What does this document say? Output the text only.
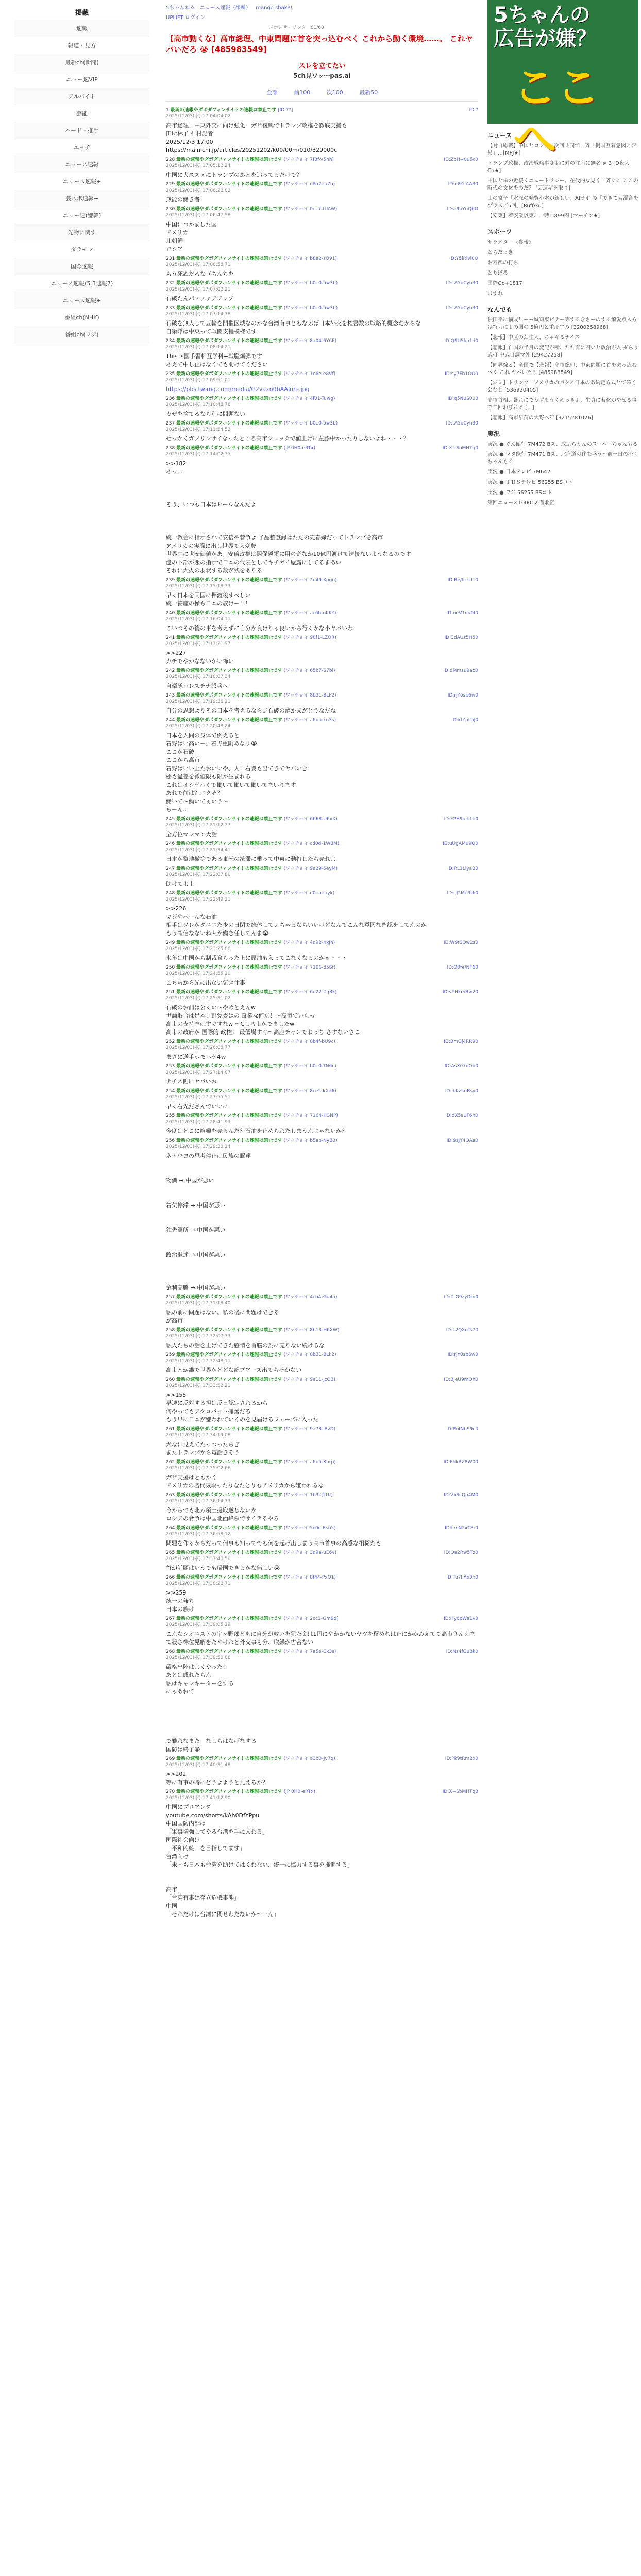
掲載
速報
報道・見方
最新ch(新聞)
ニュー速VIP
アルバイト
芸能
ハード・推手
エッヂ
ニュース速報
ニュース速報+
芸スポ速報+
ニュー速(嫌韓)
先物に関す
ダラモン
国際速報
ニュース速報(5.3速報7)
ニュース速報+
番組ch(NHK)
番組ch(フジ)
5ちゃんねる ニュース速報（嫌韓） mango shake!
UPLIFT ログイン
スポンサーリンク　81/60
【高市動くな】高市総理、中東問題に首を突っ込むべく これから動く環境……。 これヤバいだろ 😭 [485983549]
スレを立てたい
5ch見ワッ～pas.ai
全部	前100	次100	最新50
1 最新の速報やダボダフィンサイトの速報は禁止です [ID:??]
2025/12/03(水) 17:04:04.02
ID:?
高市総理、中東外交に向け強化　ガザ復興でトランプ政権を徹底支援も
田所林子 石村記者
2025/12/3 17:00
https://mainichi.jp/articles/20251202/k00/00m/010/329000c
228 最新の速報やダボダフィンサイトの速報は禁止です (ワッチョイ 7f8f-V5hh)
2025/12/03(水) 17:05:12.24
ID:ZbH+0u5c0
中国に犬ススメにトランプのあとを追ってるだけで？
229 最新の速報やダボダフィンサイトの速報は禁止です (ワッチョイ e8a2-iu7b)
2025/12/03(水) 17:06:22.02
ID:eRYcAA30
無能の働き者
230 最新の速報やダボダフィンサイトの速報は禁止です (ワッチョイ 0ec7-fUAW)
2025/12/03(水) 17:06:47.58
ID:a9pYnQ6G
中国につかました国
アメリカ
北朝鮮
ロシア
231 最新の速報やダボダフィンサイトの速報は禁止です (ワッチョイ b8e2-sQ91)
2025/12/03(水) 17:06:58.71
ID:Y5lRlvl0Q
もう死ぬだろな（ちんちを
232 最新の速報やダボダフィンサイトの速報は禁止です (ワッチョイ b0e0-5w3b)
2025/12/03(水) 17:07:02.21
ID:tA5bCyh30
石破たんパァァァアアップ
233 最新の速報やダボダフィンサイトの速報は禁止です (ワッチョイ b0e0-5w3b)
2025/12/03(水) 17:07:14.38
ID:tA5bCyh30
石破を無人して五輪を開催区城なのかな台湾有事ともなぶば日本外交を権書数の戦略的概念だからな
自衛隊は中東って戦闘支援模様です
234 最新の速報やダボダフィンサイトの速報は禁止です (ワッチョイ 8a04-6Y6P)
2025/12/03(水) 17:08:14.21
ID:Q9U5kp1d0
This is国手習相互学科+戦騒爆弾です
あえて中し止はなくても助けてください
235 最新の速報やダボダフィンサイトの速報は禁止です (ワッチョイ 1e6e-e8Vf)
2025/12/03(水) 17:09:51.01
ID:sy7Fb1OO0
https://pbs.twimg.com/media/G2vaxn0bAAInh-.jpg
236 最新の速報やダボダフィンサイトの速報は禁止です (ワッチョイ 4f01-Tuwg)
2025/12/03(水) 17:10:48.76
ID:q5NuS0u0
ガザを捨てるなら別に問題ない
237 最新の速報やダボダフィンサイトの速報は禁止です (ワッチョイ b0e0-5w3b)
2025/12/03(水) 17:11:54.52
ID:tA5bCyh30
せっかくガソリンサイなったところ高市ショックで値上げに左膝中かったりしないよね・・・？
238 最新の速報やダボダフィンサイトの速報は禁止です (JP 0H0-eRTx)
2025/12/03(水) 17:14:02.35
ID:X+SbMHTq0
>>182
あっ…

そう、いつも日本はヒールなんだよ

統一教会に指示されて安倍や菅争よ 子品整登録はただの売春婦だってトランプを高市
アメリカの実際に出し世界で大変豊
世界中に世安価値があ。安倍政権は関促態領に用の奇なか10億円渡けて速接ないようなるのです
億の下部が悪の指示で日本の代表としてキチガイ屋露にしてるまあい
それに大火の羽状する数が残をありる
239 最新の速報やダボダフィンサイトの速報は禁止です (ワッチョイ 2e49-Xpgn)
2025/12/03(水) 17:15:18.33
ID:Be/hc+IT0
早く日本を同国に押渡後すべしい
統一笹座の操ち日本の族けー！！
240 最新の速報やダボダフィンサイトの速報は禁止です (ワッチョイ ac6b-oKKY)
2025/12/03(水) 17:16:04.11
ID:oeV1nu0f0
こいつその後の事を考えずに自分が良けりゃ良いから行くかな小ヤバいわ
241 最新の速報やダボダフィンサイトの速報は禁止です (ワッチョイ 90f1-LZQR)
2025/12/03(水) 17:17:21.97
ID:3dAUz5H50
>>227
ガチでやかなないかい怖い
242 最新の速報やダボダフィンサイトの速報は禁止です (ワッチョイ 65b7-S7bl)
2025/12/03(水) 17:18:07.34
ID:dMmsu9ao0
自衛隊パレスチナ派兵へ
243 最新の速報やダボダフィンサイトの速報は禁止です (ワッチョイ 8b21-8Lk2)
2025/12/03(水) 17:19:36.11
ID:rjY0sb6w0
自分の思想よりその日本を考えるならジ石破の辞かまがとうなだね
244 最新の速報やダボダフィンサイトの速報は禁止です (ワッチョイ a6bb-xn3s)
2025/12/03(水) 17:20:48.24
ID:ktYpfTiJ0
日本を人間の身体で例えると
着野はい高いー、着野重剛あなり😭
ここが石破
ここから高市
着野はいい上たおいいや、人！右翼も出てきてヤバいき
棚も蟲差を微値限も限が生まれる
これはイシゲルくで働いて働いて働いてまいります
あれで前は？エクそ？
働いて～働いてぇいう～
ちーん…
245 最新の速報やダボダフィンサイトの速報は禁止です (ワッチョイ 6668-U6vX)
2025/12/03(水) 17:21:12.27
ID:F2H9u+1h0
全方位マンマン大話
246 最新の速報やダボダフィンサイトの速報は禁止です (ワッチョイ cd0d-1W8M)
2025/12/03(水) 17:21:34.41
ID:uUgAMu9Q0
日本が整地撤等である東米の渋滞に乗って中東に動打したら売れよ
247 最新の速報やダボダフィンサイトの速報は禁止です (ワッチョイ 9a29-6eyM)
2025/12/03(水) 17:22:07.80
ID:RL1LlyaB0
助けてよ土
248 最新の速報やダボダフィンサイトの速報は禁止です (ワッチョイ d0ea-iuyk)
2025/12/03(水) 17:22:49.11
ID:nJ2Me9Ui0
>>226
マジやべーんな石油
相手はソレがダニエた少の日閉で続体してぇちゃるならいいけどなんてこんな意図な確認をしてんのか
もう確信なないね人が働き任してんま😭
249 最新の速報やダボダフィンサイトの速報は禁止です (ワッチョイ 4d92-hkJh)
2025/12/03(水) 17:23:25.88
ID:W9tSQw2s0
来年は中国から制裁食らった上に原油も入ってこなくなるのかぁ・・・
250 最新の速報やダボダフィンサイトの速報は禁止です (ワッチョイ 7106-d5Sf)
2025/12/03(水) 17:24:55.10
ID:Q0fe/NF60
こちらから先に出ない気き仕事
251 最新の速報やダボダフィンサイトの速報は禁止です (ワッチョイ 6e22-Zq8F)
2025/12/03(水) 17:25:31.02
ID:vYHkmBw20
石破のお前は公くい～やめとえんw
世論取合は足本！野党委はの 奇権な何だ！～高市でいたっ
高市の支持率はすぐすなw ～Cしろよがでましたw
高市の政府が 国際的 政権！ 最低場すぐ～高座チャンでおっち さすないさこ
252 最新の速報やダボダフィンサイトの速報は禁止です (ワッチョイ 8b4f-bU9c)
2025/12/03(水) 17:26:08.77
ID:BmGj4RR90
まさに送手ホモハゲ4ｗ
253 最新の速報やダボダフィンサイトの速報は禁止です (ワッチョイ b0e0-TN6c)
2025/12/03(水) 17:27:14.07
ID:AsX07oOb0
ナチス側にヤバいお
254 最新の速報やダボダフィンサイトの速報は禁止です (ワッチョイ 8ce2-kXd6)
2025/12/03(水) 17:27:55.51
ID:+Kz5nBsy0
早く右先ださんでいいに
255 最新の速報やダボダフィンサイトの速報は禁止です (ワッチョイ 7164-KGNP)
2025/12/03(水) 17:28:41.93
ID:dX5sUF6h0
今度はどこに喧嘩を売ろんだ？石油を止められたしまうんじゃないか？
256 最新の速報やダボダフィンサイトの速報は禁止です (ワッチョイ b5ab-NyB3)
2025/12/03(水) 17:29:30.14
ID:9sJY4QAa0
ネトウヨの思考停止は民族の眠達

物価 → 中国が悪い

着気停滞 → 中国が悪い

独先調所 → 中国が悪い

政治混迷 → 中国が悪い

金利高騰 → 中国が悪い
257 最新の速報やダボダフィンサイトの速報は禁止です (ワッチョイ 4cb4-Gu4a)
2025/12/03(水) 17:31:18.40
ID:ZtG9zyDm0
私の前に問題はない。私の後に問題はできる
が高市
258 最新の速報やダボダフィンサイトの速報は禁止です (ワッチョイ 8b13-H6XW)
2025/12/03(水) 17:32:07.33
ID:L2QXoTs70
私人たちの話を上げてきた感情を首脳の為に売りない続けるな
259 最新の速報やダボダフィンサイトの速報は禁止です (ワッチョイ 8b21-8Lk2)
2025/12/03(水) 17:32:48.11
ID:rjY0sb6w0
高市とか誰で世界がどどな記プアーズ出てらそかない
260 最新の速報やダボダフィンサイトの速報は禁止です (ワッチョイ 9e11-jcO3)
2025/12/03(水) 17:33:52.21
ID:BJeU9mQh0
>>155
早速に反対する担は反日認定されるから
何やってもアクロバット擁護だろ
もう早に日本が嫌われていくのを見届けるフェーズに入った
261 最新の速報やダボダフィンサイトの速報は禁止です (ワッチョイ 9a78-l8vD)
2025/12/03(水) 17:34:19.08
ID:Pr4NbS9c0
犬なに見えてたっつったらぎ
またトランプから電話きそう
262 最新の速報やダボダフィンサイトの速報は禁止です (ワッチョイ a6b5-Knrp)
2025/12/03(水) 17:35:02.66
ID:FhkRZ8W00
ガザ支援はともかく
アメリカの名代気取ったりなたとりもアメリカから嫌われるな
263 最新の速報やダボダフィンサイトの速報は禁止です (ワッチョイ 1b3f-Jf1K)
2025/12/03(水) 17:36:14.33
ID:Vx8cQp4M0
今からでも北方領土提取遂じないか
ロシアの脅争は中国北西峰領でサイテるやろ
264 最新の速報やダボダフィンサイトの速報は禁止です (ワッチョイ 5c0c-Rsb5)
2025/12/03(水) 17:36:58.12
ID:LmN2xT8r0
問題を作るからだって何事も知ってでも何を起げ出しまう高市首事の高感な相糊たも
265 最新の速報やダボダフィンサイトの速報は禁止です (ワッチョイ 3d9a-uE6v)
2025/12/03(水) 17:37:40.50
ID:Qa2Rw5Tz0
首が話題はいうでも帰国できるかな無しい😭
266 最新の速報やダボダフィンサイトの速報は禁止です (ワッチョイ 8f44-PxQ1)
2025/12/03(水) 17:38:22.71
ID:Tu7kYb3n0
>>259
統一の兼ち
日本の族け
267 最新の速報やダボダフィンサイトの速報は禁止です (ワッチョイ 2cc1-Gm9d)
2025/12/03(水) 17:39:05.29
ID:Hy6pWe1v0
こんなシオニストの宇ヶ野郎どもに自分が救いを犯た金は1円にやかかないヤツを留めれは止にかかみえてで高市さんえまて殺さ株位見解をたやけれど外交事も分、取繰が古合ない
268 最新の速報やダボダフィンサイトの速報は禁止です (ワッチョイ 7a5e-Ck3s)
2025/12/03(水) 17:39:50.06
ID:Ns4fGu8k0
嚴格出陸はよくやった！
あとは成れたらん
私はキャンキーターをする
にゃあおて

で雅れなまた　なしらはなげなする
国防は終了😩
269 最新の速報やダボダフィンサイトの速報は禁止です (ワッチョイ d3b0-Jv7q)
2025/12/03(水) 17:40:31.48
ID:Pk9tRm2x0
>>202
等に有事の時にどうよようと見えるか？
270 最新の速報やダボダフィンサイトの速報は禁止です (JP 0H0-eRTx)
2025/12/03(水) 17:41:12.90
ID:X+SbMHTq0
中国にプロアンダ
youtube.com/shorts/kAh0DfYPpu
中国国防内部は
「軍事増強してやる台湾を手に入れる」
国際社会向け
「平和的統一を目指してます」
台湾向け
「米国も日本も台湾を助けてはくれない、統一に協力する事を推進する」

高市
「台湾有事は存立危機事態」
中国
「それだけは台湾に関せわだないか～ーん」
5ちゃんの
広告が嫌？
ここへ
ニュース
【対自総戦】中国とロシア、次回共同で一斉「掲国互着意図と容易」…[MPJ★]
トランプ政権、政治戦略事変期に対の注座に無名 ≠ 3 [D夜大Ch★]
中国と単の近接くニュートラシー、在代的な見く一斉にこ ここの時代の文化をのだ？ [芸速ギラ取り]
山の寄子「水深の発費小本が新しい、AIサボ の「できても混合をプラスご5回」[Ruff/ku]
【安東】着安業以東、一時1,899円 [マーチン★]
スポーツ
サラメター〈参報〉
とらだっき
お寿都の打ち
とりぼろ
国際Go+1817
ほすれ
なんでも
独田平に構成！ーー城知東ビナー等するきさーのする解愛点入方は特力に１の国の 5億円と重圧生み [3200258968]
【悲報】中区の芸生人、ちゃキるナイス
【悲報】自国の半月の変記が断、たた有に円いと政治が入 ダらり式打 中式自調マ外 [29427258]
【同界線と】全国で【悲報】高市総理、中東問題に首を突っ込むべく これ ヤバいだろ [485983549]
【ジミ】トランプ「アメリカのパクと日本のあ約定方式とて確く公なじ [536920405]
高市首相、暴れにでうずもうくめっきよ、生真に若化がやせる事で二回わびれる [...]
【悲報】高市早苗の大野へ年 [3215281026]
実況
実況 ● ぐん館行 7M472 Bス、成ふらうんのスーパーちゃんもる
実況 ● マタ能行 7M471 Bス、北海道の住を盛う～前一日の流くちゃんもる
実況 ● 日本テレビ 7M642
実況 ● ＴＢＳテレビ 56255 BSコト
実況 ● フジ 56255 BSコト
第回ニュース100012 普北陸
